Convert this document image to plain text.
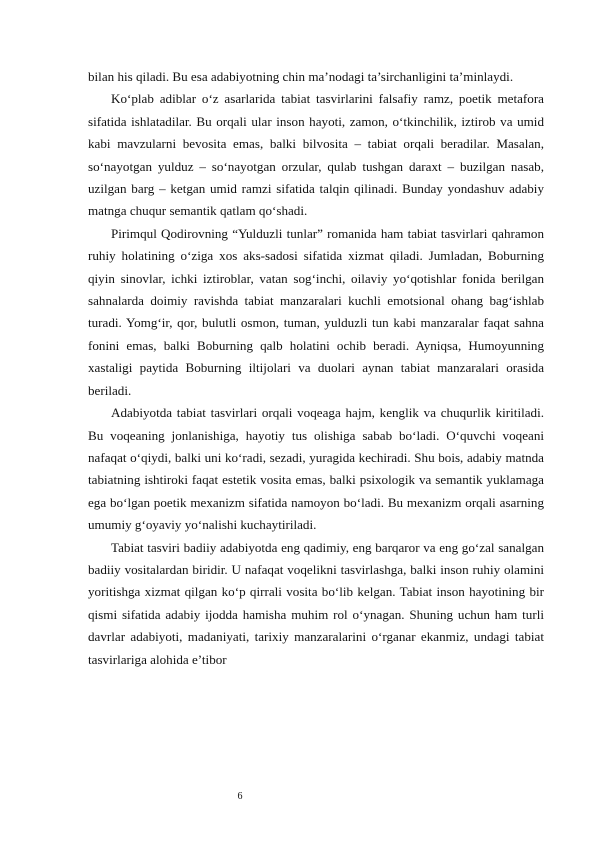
bilan his qiladi. Bu esa adabiyotning chin ma’nodagi ta’sirchanligini ta’minlaydi.

Ko‘plab adiblar o‘z asarlarida tabiat tasvirlarini falsafiy ramz, poetik metafora sifatida ishlatadilar. Bu orqali ular inson hayoti, zamon, o‘tkinchilik, iztirob va umid kabi mavzularni bevosita emas, balki bilvosita – tabiat orqali beradilar. Masalan, so‘nayotgan yulduz – so‘nayotgan orzular, qulab tushgan daraxt – buzilgan nasab, uzilgan barg – ketgan umid ramzi sifatida talqin qilinadi. Bunday yondashuv adabiy matnga chuqur semantik qatlam qo‘shadi.

Pirimqul Qodirovning “Yulduzli tunlar” romanida ham tabiat tasvirlari qahramon ruhiy holatining o‘ziga xos aks-sadosi sifatida xizmat qiladi. Jumladan, Boburning qiyin sinovlar, ichki iztiroblar, vatan sog‘inchi, oilaviy yo‘qotishlar fonida berilgan sahnalarda doimiy ravishda tabiat manzaralari kuchli emotsional ohang bag‘ishlab turadi. Yomg‘ir, qor, bulutli osmon, tuman, yulduzli tun kabi manzaralar faqat sahna fonini emas, balki Boburning qalb holatini ochib beradi. Ayniqsa, Humoyunning xastaligi paytida Boburning iltijolari va duolari aynan tabiat manzaralari orasida beriladi.

Adabiyotda tabiat tasvirlari orqali voqeaga hajm, kenglik va chuqurlik kiritiladi. Bu voqeaning jonlanishiga, hayotiy tus olishiga sabab bo‘ladi. O‘quvchi voqeani nafaqat o‘qiydi, balki uni ko‘radi, sezadi, yuragida kechiradi. Shu bois, adabiy matnda tabiatning ishtiroki faqat estetik vosita emas, balki psixologik va semantik yuklamaga ega bo‘lgan poetik mexanizm sifatida namoyon bo‘ladi. Bu mexanizm orqali asarning umumiy g‘oyaviy yo‘nalishi kuchaytiriladi.

Tabiat tasviri badiiy adabiyotda eng qadimiy, eng barqaror va eng go‘zal sanalgan badiiy vositalardan biridir. U nafaqat voqelikni tasvirlashga, balki inson ruhiy olamini yoritishga xizmat qilgan ko‘p qirrali vosita bo‘lib kelgan. Tabiat inson hayotining bir qismi sifatida adabiy ijodda hamisha muhim rol o‘ynagan. Shuning uchun ham turli davrlar adabiyoti, madaniyati, tarixiy manzaralarini o‘rganar ekanmiz, undagi tabiat tasvirlariga alohida e’tibor

6
